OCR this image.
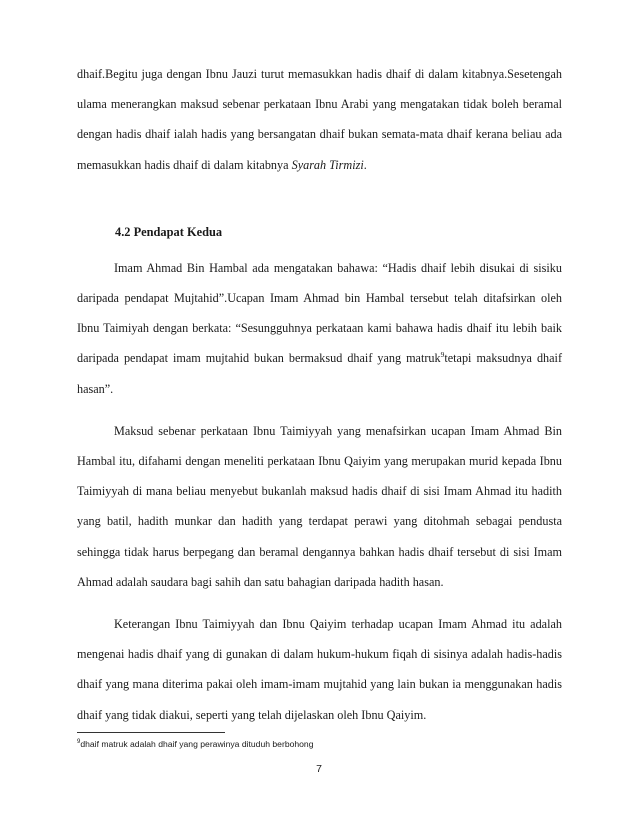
dhaif.Begitu juga dengan Ibnu Jauzi turut memasukkan hadis dhaif di dalam kitabnya.Sesetengah ulama menerangkan maksud sebenar perkataan Ibnu Arabi yang mengatakan tidak boleh beramal dengan hadis dhaif ialah hadis yang bersangatan dhaif bukan semata-mata dhaif kerana beliau ada memasukkan hadis dhaif di dalam kitabnya Syarah Tirmizi.

4.2 Pendapat Kedua

Imam Ahmad Bin Hambal ada mengatakan bahawa: “Hadis dhaif lebih disukai di sisiku daripada pendapat Mujtahid”.Ucapan Imam Ahmad bin Hambal tersebut telah ditafsirkan oleh Ibnu Taimiyah dengan berkata: “Sesungguhnya perkataan kami bahawa hadis dhaif itu lebih baik daripada pendapat imam mujtahid bukan bermaksud dhaif yang matruk$^9$tetapi maksudnya dhaif hasan”.

Maksud sebenar perkataan Ibnu Taimiyyah yang menafsirkan ucapan Imam Ahmad Bin Hambal itu, difahami dengan meneliti perkataan Ibnu Qaiyim yang merupakan murid kepada Ibnu Taimiyyah di mana beliau menyebut bukanlah maksud hadis dhaif di sisi Imam Ahmad itu hadith yang batil, hadith munkar dan hadith yang terdapat perawi yang ditohmah sebagai pendusta sehingga tidak harus berpegang dan beramal dengannya bahkan hadis dhaif tersebut di sisi Imam Ahmad adalah saudara bagi sahih dan satu bahagian daripada hadith hasan.

Keterangan Ibnu Taimiyyah dan Ibnu Qaiyim terhadap ucapan Imam Ahmad itu adalah mengenai hadis dhaif yang di gunakan di dalam hukum-hukum fiqah di sisinya adalah hadis-hadis dhaif yang mana diterima pakai oleh imam-imam mujtahid yang lain bukan ia menggunakan hadis dhaif yang tidak diakui, seperti yang telah dijelaskan oleh Ibnu Qaiyim.

$^9$dhaif matruk adalah dhaif yang perawinya dituduh berbohong
7
